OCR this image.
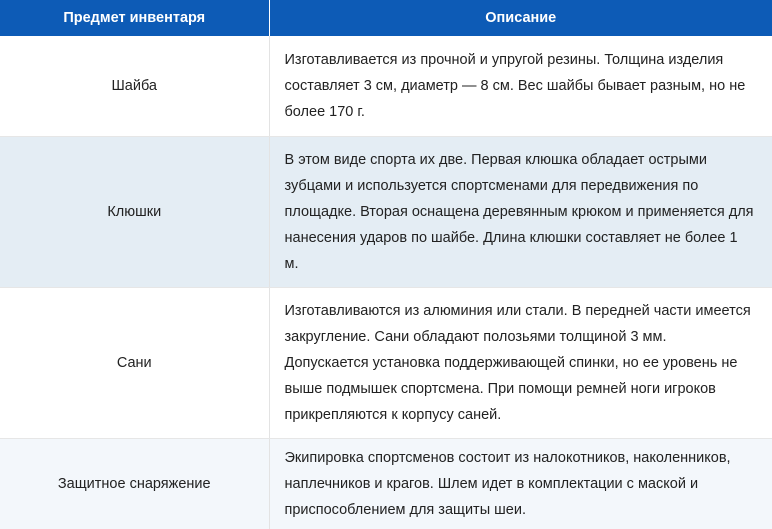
Предмет инвентаря	Описание
Шайба	Изготавливается из прочной и упругой резины. Толщина изделия составляет 3 см, диаметр — 8 см. Вес шайбы бывает разным, но не более 170 г.
Клюшки	В этом виде спорта их две. Первая клюшка обладает острыми зубцами и используется спортсменами для передвижения по площадке. Вторая оснащена деревянным крюком и применяется для нанесения ударов по шайбе. Длина клюшки составляет не более 1 м.
Сани	Изготавливаются из алюминия или стали. В передней части имеется закругление. Сани обладают полозьями толщиной 3 мм. Допускается установка поддерживающей спинки, но ее уровень не выше подмышек спортсмена. При помощи ремней ноги игроков прикрепляются к корпусу саней.
Защитное снаряжение	Экипировка спортсменов состоит из налокотников, наколенников, наплечников и крагов. Шлем идет в комплектации с маской и приспособлением для защиты шеи.
